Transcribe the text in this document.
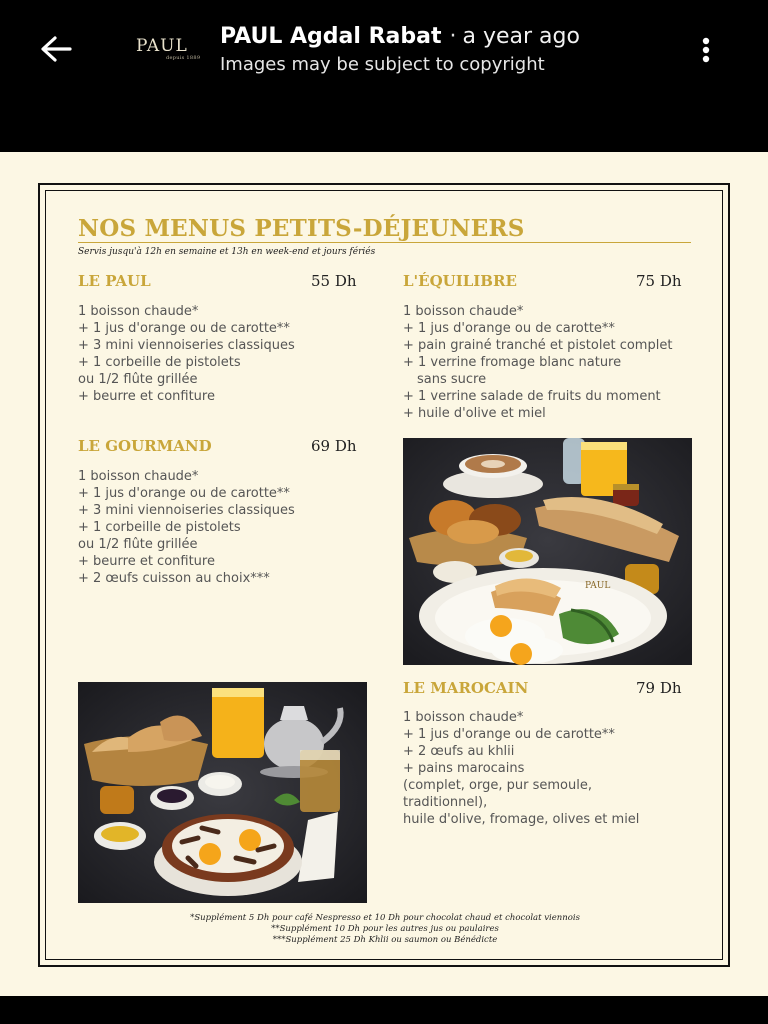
PAUL
depuis 1889
PAUL Agdal Rabat · a year ago
Images may be subject to copyright
NOS MENUS PETITS-DÉJEUNERS
Servis jusqu'à 12h en semaine et 13h en week-end et jours fériés
LE PAUL	55 Dh
1 boisson chaude*
+ 1 jus d'orange ou de carotte**
+ 3 mini viennoiseries classiques
+ 1 corbeille de pistolets
ou 1/2 flûte grillée
+ beurre et confiture
L'ÉQUILIBRE	75 Dh
1 boisson chaude*
+ 1 jus d'orange ou de carotte**
+ pain grainé tranché et pistolet complet
+ 1 verrine fromage blanc nature
sans sucre
+ 1 verrine salade de fruits du moment
+ huile d'olive et miel
LE GOURMAND	69 Dh
1 boisson chaude*
+ 1 jus d'orange ou de carotte**
+ 3 mini viennoiseries classiques
+ 1 corbeille de pistolets
ou 1/2 flûte grillée
+ beurre et confiture
+ 2 œufs cuisson au choix***	PAUL
LE MAROCAIN	79 Dh
1 boisson chaude*
+ 1 jus d'orange ou de carotte**
+ 2 œufs au khlii
+ pains marocains
(complet, orge, pur semoule,
traditionnel),
huile d'olive, fromage, olives et miel
*Supplément 5 Dh pour café Nespresso et 10 Dh pour chocolat chaud et chocolat viennois
**Supplément 10 Dh pour les autres jus ou paulaires
***Supplément 25 Dh Khlii ou saumon ou Bénédicte
